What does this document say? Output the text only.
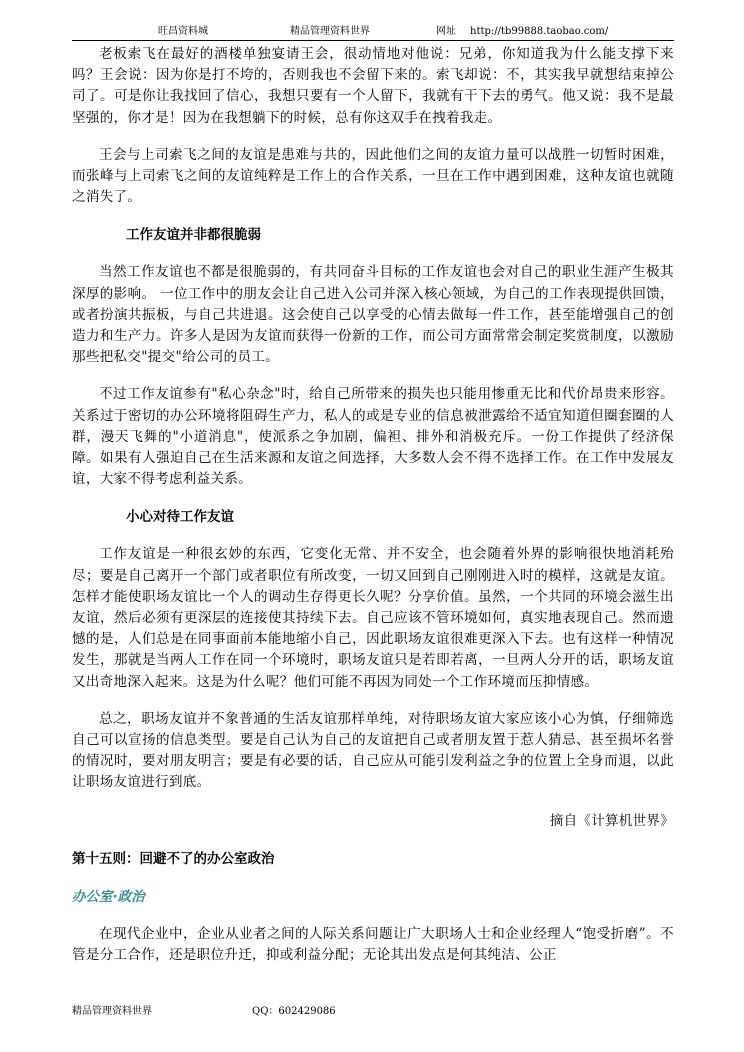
旺昌资料城	精品管理资料世界	网址 http://tb99888.taobao.com/

老板索飞在最好的酒楼单独宴请王会，很动情地对他说：兄弟，你知道我为什么能支撑下来吗？王会说：因为你是打不垮的，否则我也不会留下来的。索飞却说：不，其实我早就想结束掉公司了。可是你让我找回了信心，我想只要有一个人留下，我就有干下去的勇气。他又说：我不是最坚强的，你才是！因为在我想躺下的时候，总有你这双手在拽着我走。

王会与上司索飞之间的友谊是患难与共的，因此他们之间的友谊力量可以战胜一切暂时困难，而张峰与上司索飞之间的友谊纯粹是工作上的合作关系，一旦在工作中遇到困难，这种友谊也就随之消失了。

工作友谊并非都很脆弱

当然工作友谊也不都是很脆弱的，有共同奋斗目标的工作友谊也会对自己的职业生涯产生极其深厚的影响。 一位工作中的朋友会让自己进入公司并深入核心领域，为自己的工作表现提供回馈，或者扮演共振板，与自己共进退。这会使自己以享受的心情去做每一件工作，甚至能增强自己的创造力和生产力。许多人是因为友谊而获得一份新的工作，而公司方面常常会制定奖赏制度，以激励那些把私交"提交"给公司的员工。

不过工作友谊参有"私心杂念"时，给自己所带来的损失也只能用惨重无比和代价昂贵来形容。关系过于密切的办公环境将阻碍生产力，私人的或是专业的信息被泄露给不适宜知道但圈套圈的人群，漫天飞舞的"小道消息"，使派系之争加剧，偏袒、排外和消极充斥。一份工作提供了经济保障。如果有人强迫自己在生活来源和友谊之间选择，大多数人会不得不选择工作。在工作中发展友谊，大家不得考虑利益关系。

小心对待工作友谊

工作友谊是一种很玄妙的东西，它变化无常、并不安全，也会随着外界的影响很快地消耗殆尽；要是自己离开一个部门或者职位有所改变，一切又回到自己刚刚进入时的模样，这就是友谊。怎样才能使职场友谊比一个人的调动生存得更长久呢？分享价值。虽然，一个共同的环境会滋生出友谊，然后必须有更深层的连接使其持续下去。自己应该不管环境如何，真实地表现自己。然而遗憾的是，人们总是在同事面前本能地缩小自己，因此职场友谊很难更深入下去。也有这样一种情况发生，那就是当两人工作在同一个环境时，职场友谊只是若即若离，一旦两人分开的话，职场友谊又出奇地深入起来。这是为什么呢？他们可能不再因为同处一个工作环境而压抑情感。

总之，职场友谊并不象普通的生活友谊那样单纯，对待职场友谊大家应该小心为慎，仔细筛选自己可以宣扬的信息类型。要是自己认为自己的友谊把自己或者朋友置于惹人猜忌、甚至损坏名誉的情况时，要对朋友明言；要是有必要的话，自己应从可能引发利益之争的位置上全身而退，以此让职场友谊进行到底。

摘自《计算机世界》

第十五则：回避不了的办公室政治

办公室·政治

在现代企业中，企业从业者之间的人际关系问题让广大职场人士和企业经理人“饱受折磨”。不管是分工合作，还是职位升迁，抑或利益分配；无论其出发点是何其纯洁、公正

精品管理资料世界	QQ：602429086
